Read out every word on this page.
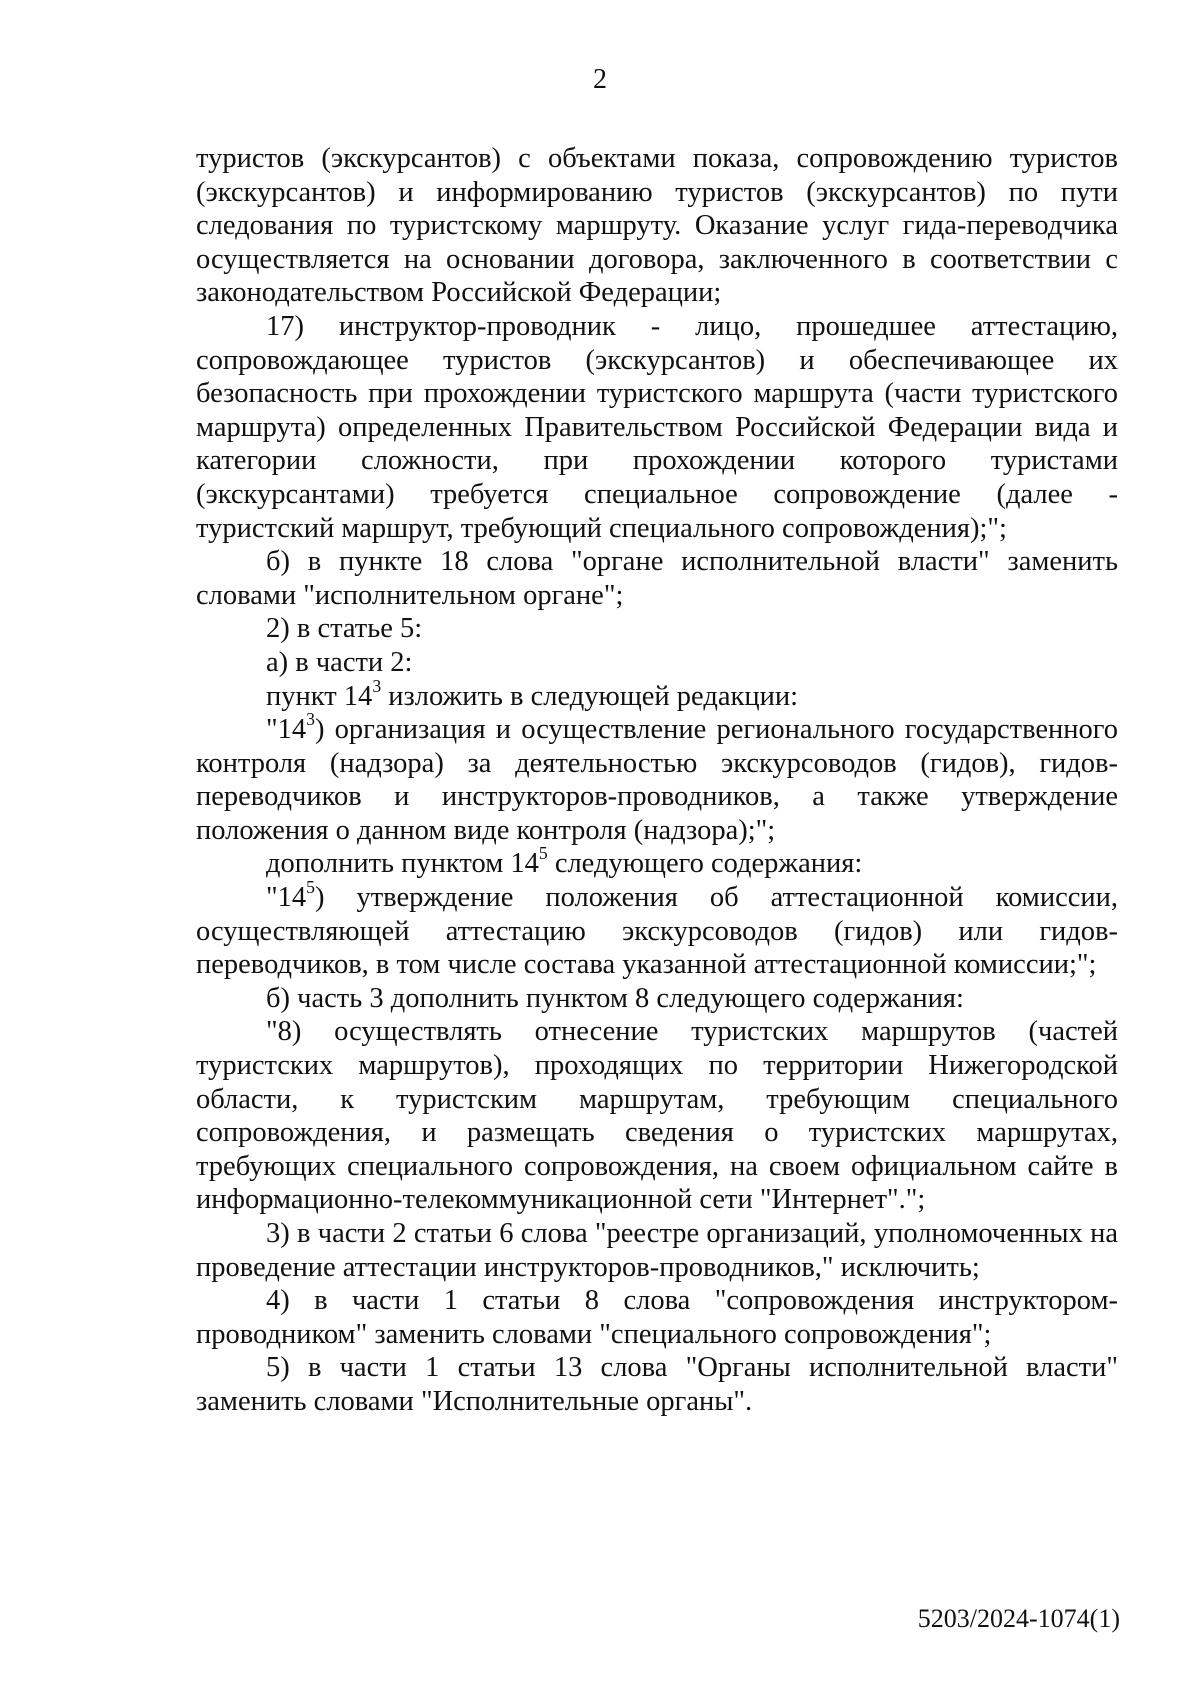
2

туристов (экскурсантов) с объектами показа, сопровождению туристов (экскурсантов) и информированию туристов (экскурсантов) по пути следования по туристскому маршруту. Оказание услуг гида-переводчика осуществляется на основании договора, заключенного в соответствии с законодательством Российской Федерации;

17) инструктор-проводник - лицо, прошедшее аттестацию, сопровождающее туристов (экскурсантов) и обеспечивающее их безопасность при прохождении туристского маршрута (части туристского маршрута) определенных Правительством Российской Федерации вида и категории сложности, при прохождении которого туристами (экскурсантами) требуется специальное сопровождение (далее - туристский маршрут, требующий специального сопровождения);";

б) в пункте 18 слова "органе исполнительной власти" заменить словами "исполнительном органе";

2) в статье 5:

а) в части 2:

пункт $14^3$ изложить в следующей редакции:

"$14^3$) организация и осуществление регионального государственного контроля (надзора) за деятельностью экскурсоводов (гидов), гидов-переводчиков и инструкторов-проводников, а также утверждение положения о данном виде контроля (надзора);";

дополнить пунктом $14^5$ следующего содержания:

"$14^5$) утверждение положения об аттестационной комиссии, осуществляющей аттестацию экскурсоводов (гидов) или гидов-переводчиков, в том числе состава указанной аттестационной комиссии;";

б) часть 3 дополнить пунктом 8 следующего содержания:

"8) осуществлять отнесение туристских маршрутов (частей туристских маршрутов), проходящих по территории Нижегородской области, к туристским маршрутам, требующим специального сопровождения, и размещать сведения о туристских маршрутах, требующих специального сопровождения, на своем официальном сайте в информационно-телекоммуникационной сети "Интернет".";

3) в части 2 статьи 6 слова "реестре организаций, уполномоченных на проведение аттестации инструкторов-проводников," исключить;

4) в части 1 статьи 8 слова "сопровождения инструктором-проводником" заменить словами "специального сопровождения";

5) в части 1 статьи 13 слова "Органы исполнительной власти" заменить словами "Исполнительные органы".

5203/2024-1074(1)
